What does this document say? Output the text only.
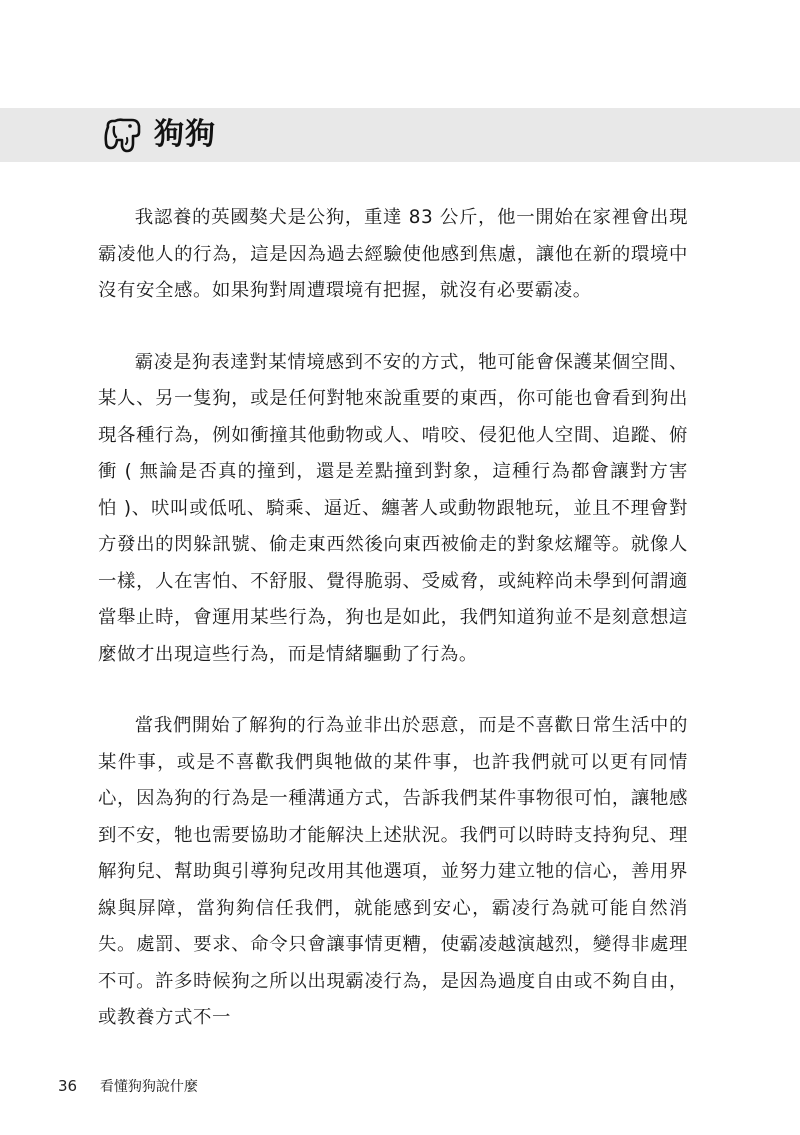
狗狗

我認養的英國獒犬是公狗，重達 83 公斤，他一開始在家裡會出現霸凌他人的行為，這是因為過去經驗使他感到焦慮，讓他在新的環境中沒有安全感。如果狗對周遭環境有把握，就沒有必要霸凌。

霸凌是狗表達對某情境感到不安的方式，牠可能會保護某個空間、某人、另一隻狗，或是任何對牠來說重要的東西，你可能也會看到狗出現各種行為，例如衝撞其他動物或人、啃咬、侵犯他人空間、追蹤、俯衝 ( 無論是否真的撞到，還是差點撞到對象，這種行為都會讓對方害怕 )、吠叫或低吼、騎乘、逼近、纏著人或動物跟牠玩，並且不理會對方發出的閃躲訊號、偷走東西然後向東西被偷走的對象炫耀等。就像人一樣，人在害怕、不舒服、覺得脆弱、受威脅，或純粹尚未學到何謂適當舉止時，會運用某些行為，狗也是如此，我們知道狗並不是刻意想這麼做才出現這些行為，而是情緒驅動了行為。

當我們開始了解狗的行為並非出於惡意，而是不喜歡日常生活中的某件事，或是不喜歡我們與牠做的某件事，也許我們就可以更有同情心，因為狗的行為是一種溝通方式，告訴我們某件事物很可怕，讓牠感到不安，牠也需要協助才能解決上述狀況。我們可以時時支持狗兒、理解狗兒、幫助與引導狗兒改用其他選項，並努力建立牠的信心，善用界線與屏障，當狗夠信任我們，就能感到安心，霸凌行為就可能自然消失。處罰、要求、命令只會讓事情更糟，使霸凌越演越烈，變得非處理不可。許多時候狗之所以出現霸凌行為，是因為過度自由或不夠自由，或教養方式不一

36 看懂狗狗說什麼
